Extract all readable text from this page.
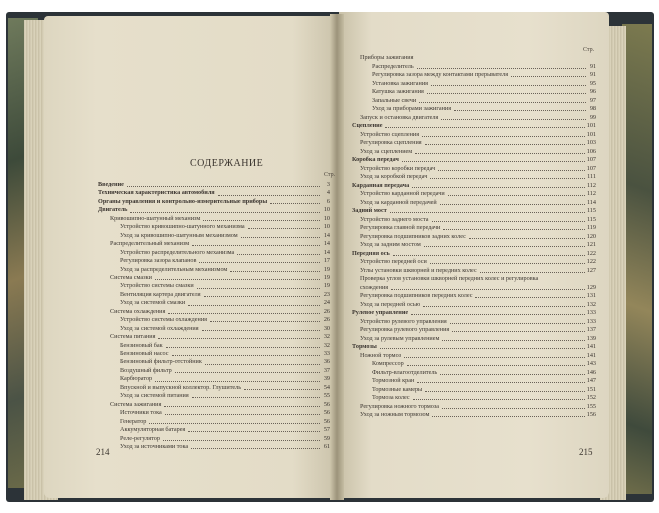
СОДЕРЖАНИЕ
Стр.
Стр.
Введение	3
Техническая характеристика автомобиля	4
Органы управления и контрольно-измерительные приборы	6
Двигатель	10
Кривошипно-шатунный механизм	10
Устройство кривошипно-шатунного механизма	10
Уход за кривошипно-шатунным механизмом	14
Распределительный механизм	14
Устройство распределительного механизма	14
Регулировка зазора клапанов	17
Уход за распределительным механизмом	19
Система смазки	19
Устройство системы смазки	19
Вентиляция картера двигателя	23
Уход за системой смазки	24
Система охлаждения	26
Устройство системы охлаждения	26
Уход за системой охлаждения	30
Система питания	32
Бензиновый бак	32
Бензиновый насос	33
Бензиновый фильтр-отстойник	36
Воздушный фильтр	37
Карбюратор	39
Впускной и выпускной коллектор. Глушитель	54
Уход за системой питания	55
Система зажигания	56
Источники тока	56
Генератор	56
Аккумуляторная батарея	57
Реле-регулятор	59
Уход за источниками тока	61
Приборы зажигания
Распределитель	91
Регулировка зазора между контактами прерывателя	91
Установка зажигания	95
Катушка зажигания	96
Запальные свечи	97
Уход за приборами зажигания	98
Запуск и остановка двигателя	99
Сцепление	101
Устройство сцепления	101
Регулировка сцепления	103
Уход за сцеплением	106
Коробка передач	107
Устройство коробки передач	107
Уход за коробкой передач	111
Карданная передача	112
Устройство карданной передачи	112
Уход за карданной передачей	114
Задний мост	115
Устройство заднего моста	115
Регулировка главной передачи	119
Регулировка подшипников задних колес	120
Уход за задним мостом	121
Передняя ось	122
Устройство передней оси	122
Углы установки шкворней и передних колес	127
Проверка углов установки шкворней передних колес и регулировка
схождения	129
Регулировка подшипников передних колес	131
Уход за передней осью	132
Рулевое управление	133
Устройство рулевого управления	133
Регулировка рулевого управления	137
Уход за рулевым управлением	139
Тормозы	141
Ножной тормоз	141
Компрессор	143
Фильтр-влагоотделитель	146
Тормозной кран	147
Тормозные камеры	151
Тормоза колес	152
Регулировка ножного тормоза	155
Уход за ножным тормозом	156
214	215
